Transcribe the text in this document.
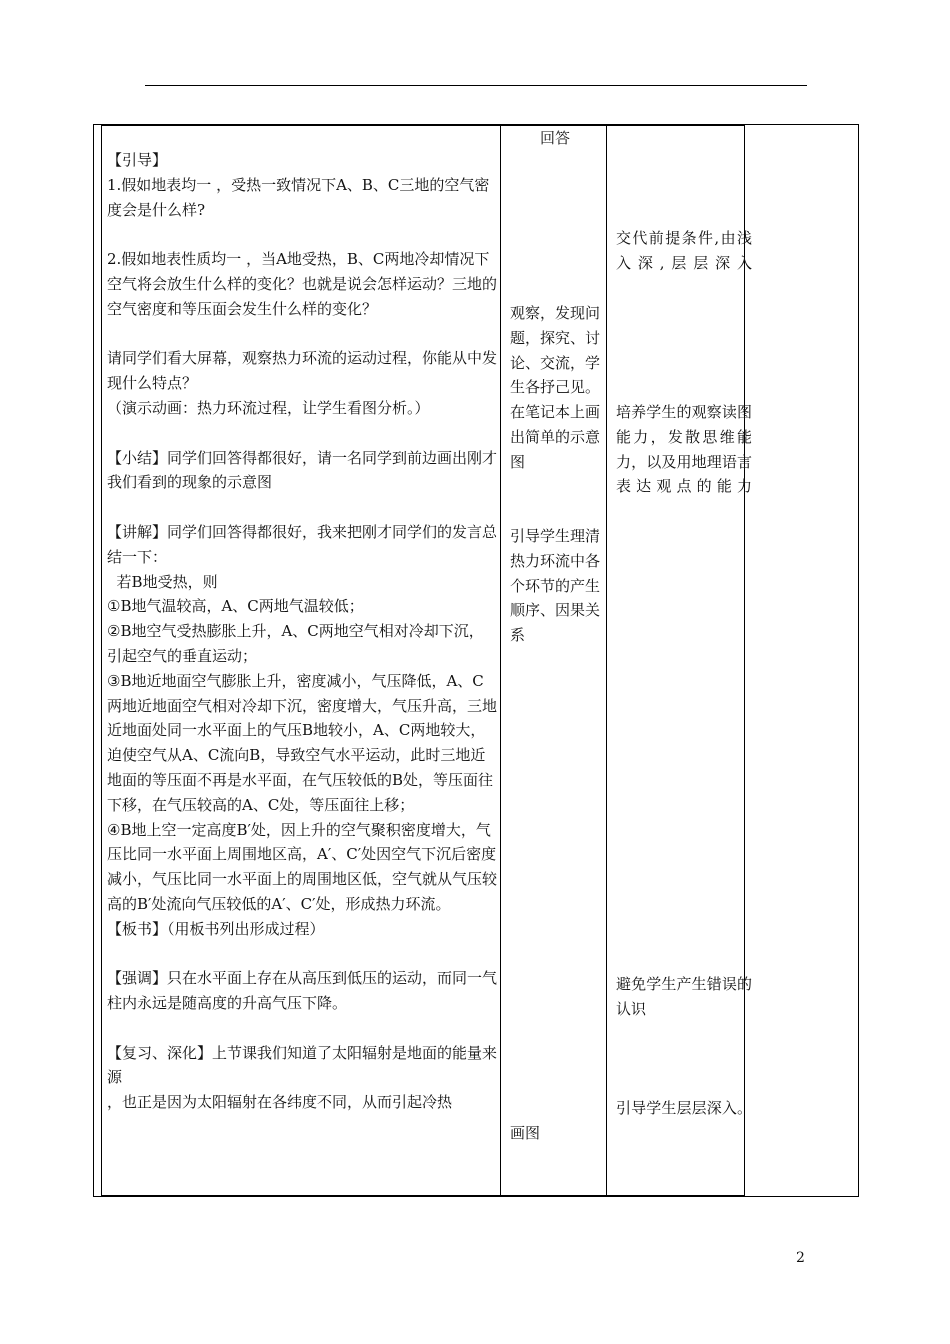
【引导】

1.假如地表均一 ，受热一致情况下A、B、C三地的空气密度会是什么样?

2.假如地表性质均一 ，当A地受热，B、C两地冷却情况下空气将会放生什么样的变化？也就是说会怎样运动？三地的空气密度和等压面会发生什么样的变化？

请同学们看大屏幕，观察热力环流的运动过程，你能从中发现什么特点？

（演示动画：热力环流过程，让学生看图分析。）

【小结】同学们回答得都很好，请一名同学到前边画出刚才我们看到的现象的示意图

【讲解】同学们回答得都很好，我来把刚才同学们的发言总结一下：

若B地受热，则

①B地气温较高，A、C两地气温较低；

②B地空气受热膨胀上升，A、C两地空气相对冷却下沉，引起空气的垂直运动；

③B地近地面空气膨胀上升，密度减小，气压降低，A、C两地近地面空气相对冷却下沉，密度增大，气压升高，三地近地面处同一水平面上的气压B地较小，A、C两地较大，迫使空气从A、C流向B，导致空气水平运动，此时三地近地面的等压面不再是水平面，在气压较低的B处，等压面往下移，在气压较高的A、C处，等压面往上移；

④B地上空一定高度B′处，因上升的空气聚积密度增大，气压比同一水平面上周围地区高，A′、C′处因空气下沉后密度减小，气压比同一水平面上的周围地区低，空气就从气压较高的B′处流向气压较低的A′、C′处，形成热力环流。

【板书】（用板书列出形成过程）

【强调】只在水平面上存在从高压到低压的运动，而同一气柱内永远是随高度的升高气压下降。

【复习、深化】上节课我们知道了太阳辐射是地面的能量来源

，也正是因为太阳辐射在各纬度不同，从而引起冷热

回答

观察，发现问题，探究、讨论、交流，学生各抒己见。在笔记本上画出简单的示意图

引导学生理清热力环流中各个环节的产生顺序、因果关系

画图

交代前提条件,由浅入深,层层深入

培养学生的观察读图能力，发散思维能力，以及用地理语言表达观点的能力

避免学生产生错误的认识

引导学生层层深入。

2
